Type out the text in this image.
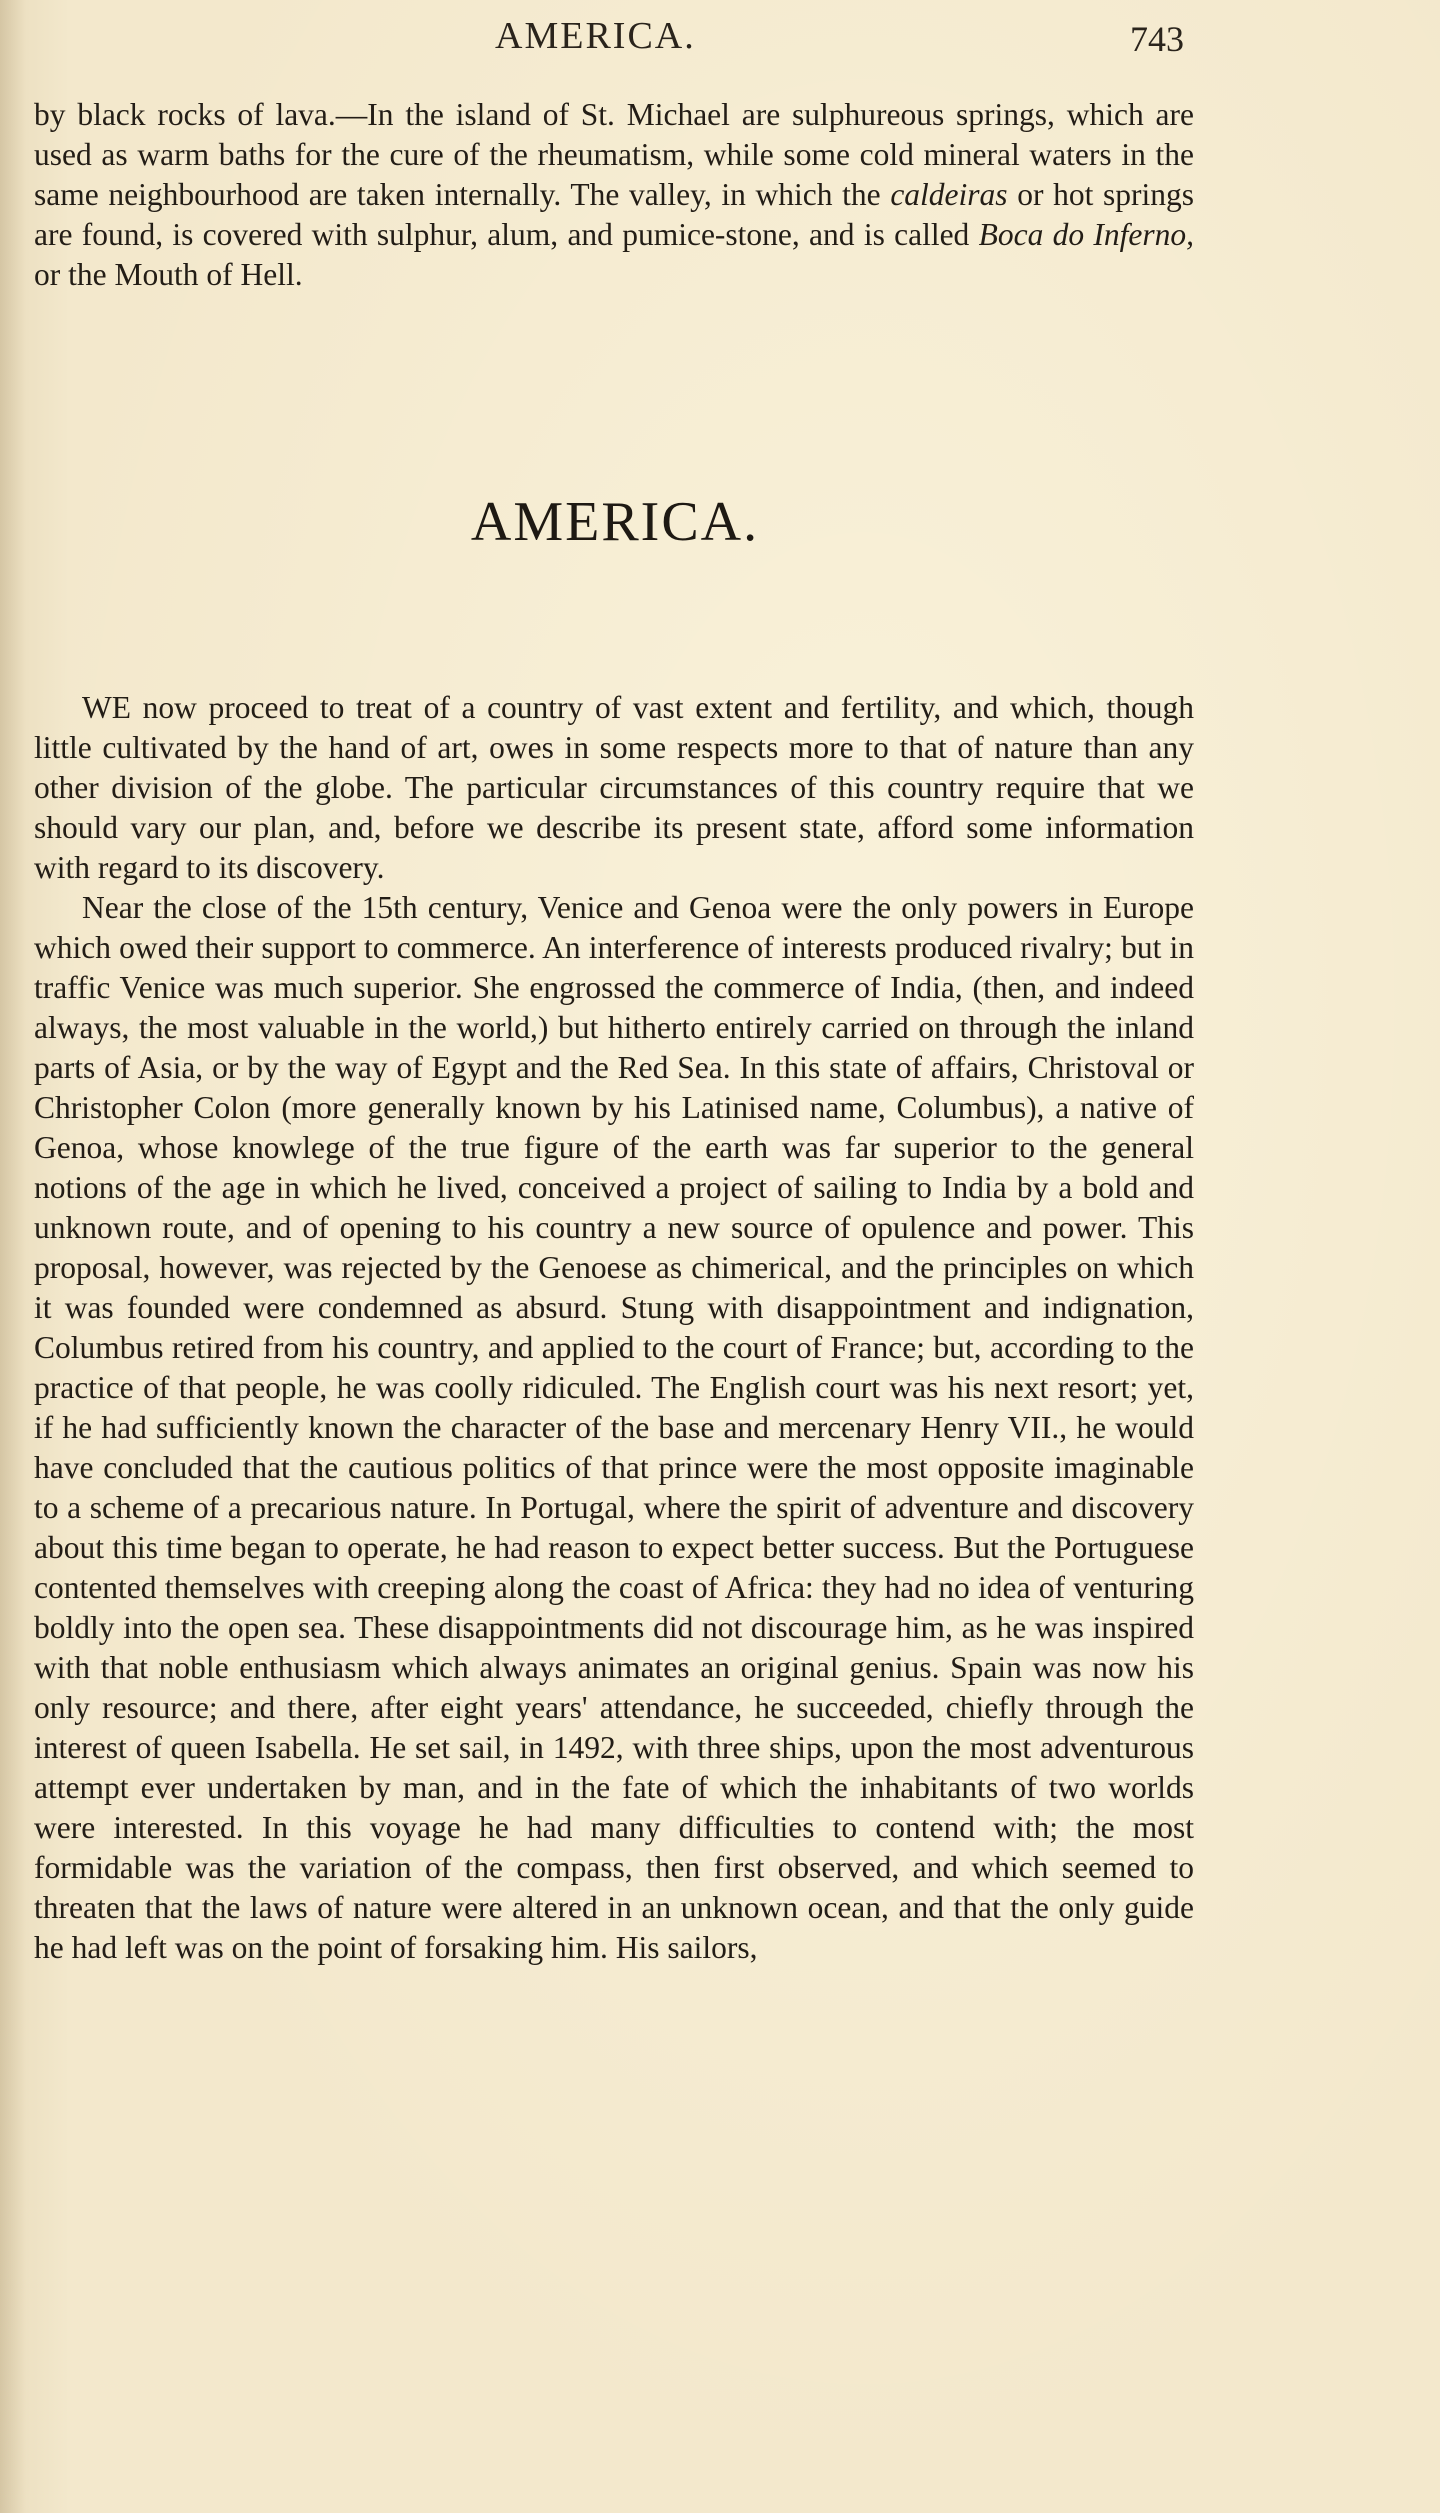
AMERICA.	743

by black rocks of lava.—In the island of St. Michael are sulphureous springs, which are used as warm baths for the cure of the rheumatism, while some cold mineral waters in the same neighbourhood are taken internally. The valley, in which the caldeiras or hot springs are found, is covered with sulphur, alum, and pumice-stone, and is called Boca do Inferno, or the Mouth of Hell.

AMERICA.

WE now proceed to treat of a country of vast extent and fertility, and which, though little cultivated by the hand of art, owes in some respects more to that of nature than any other division of the globe. The particular circumstances of this country require that we should vary our plan, and, before we describe its present state, afford some information with regard to its discovery.

Near the close of the 15th century, Venice and Genoa were the only powers in Europe which owed their support to commerce. An interference of interests produced rivalry; but in traffic Venice was much superior. She engrossed the commerce of India, (then, and indeed always, the most valuable in the world,) but hitherto entirely carried on through the inland parts of Asia, or by the way of Egypt and the Red Sea. In this state of affairs, Christoval or Christopher Colon (more generally known by his Latinised name, Columbus), a native of Genoa, whose knowlege of the true figure of the earth was far superior to the general notions of the age in which he lived, conceived a project of sailing to India by a bold and unknown route, and of opening to his country a new source of opulence and power. This proposal, however, was rejected by the Genoese as chimerical, and the principles on which it was founded were condemned as absurd. Stung with disappointment and indignation, Columbus retired from his country, and applied to the court of France; but, according to the practice of that people, he was coolly ridiculed. The English court was his next resort; yet, if he had sufficiently known the character of the base and mercenary Henry VII., he would have concluded that the cautious politics of that prince were the most opposite imaginable to a scheme of a precarious nature. In Portugal, where the spirit of adventure and discovery about this time began to operate, he had reason to expect better success. But the Portuguese contented themselves with creeping along the coast of Africa: they had no idea of venturing boldly into the open sea. These disappointments did not discourage him, as he was inspired with that noble enthusiasm which always animates an original genius. Spain was now his only resource; and there, after eight years' attendance, he succeeded, chiefly through the interest of queen Isabella. He set sail, in 1492, with three ships, upon the most adventurous attempt ever undertaken by man, and in the fate of which the inhabitants of two worlds were interested. In this voyage he had many difficulties to contend with; the most formidable was the variation of the compass, then first observed, and which seemed to threaten that the laws of nature were altered in an unknown ocean, and that the only guide he had left was on the point of forsaking him. His sailors,
